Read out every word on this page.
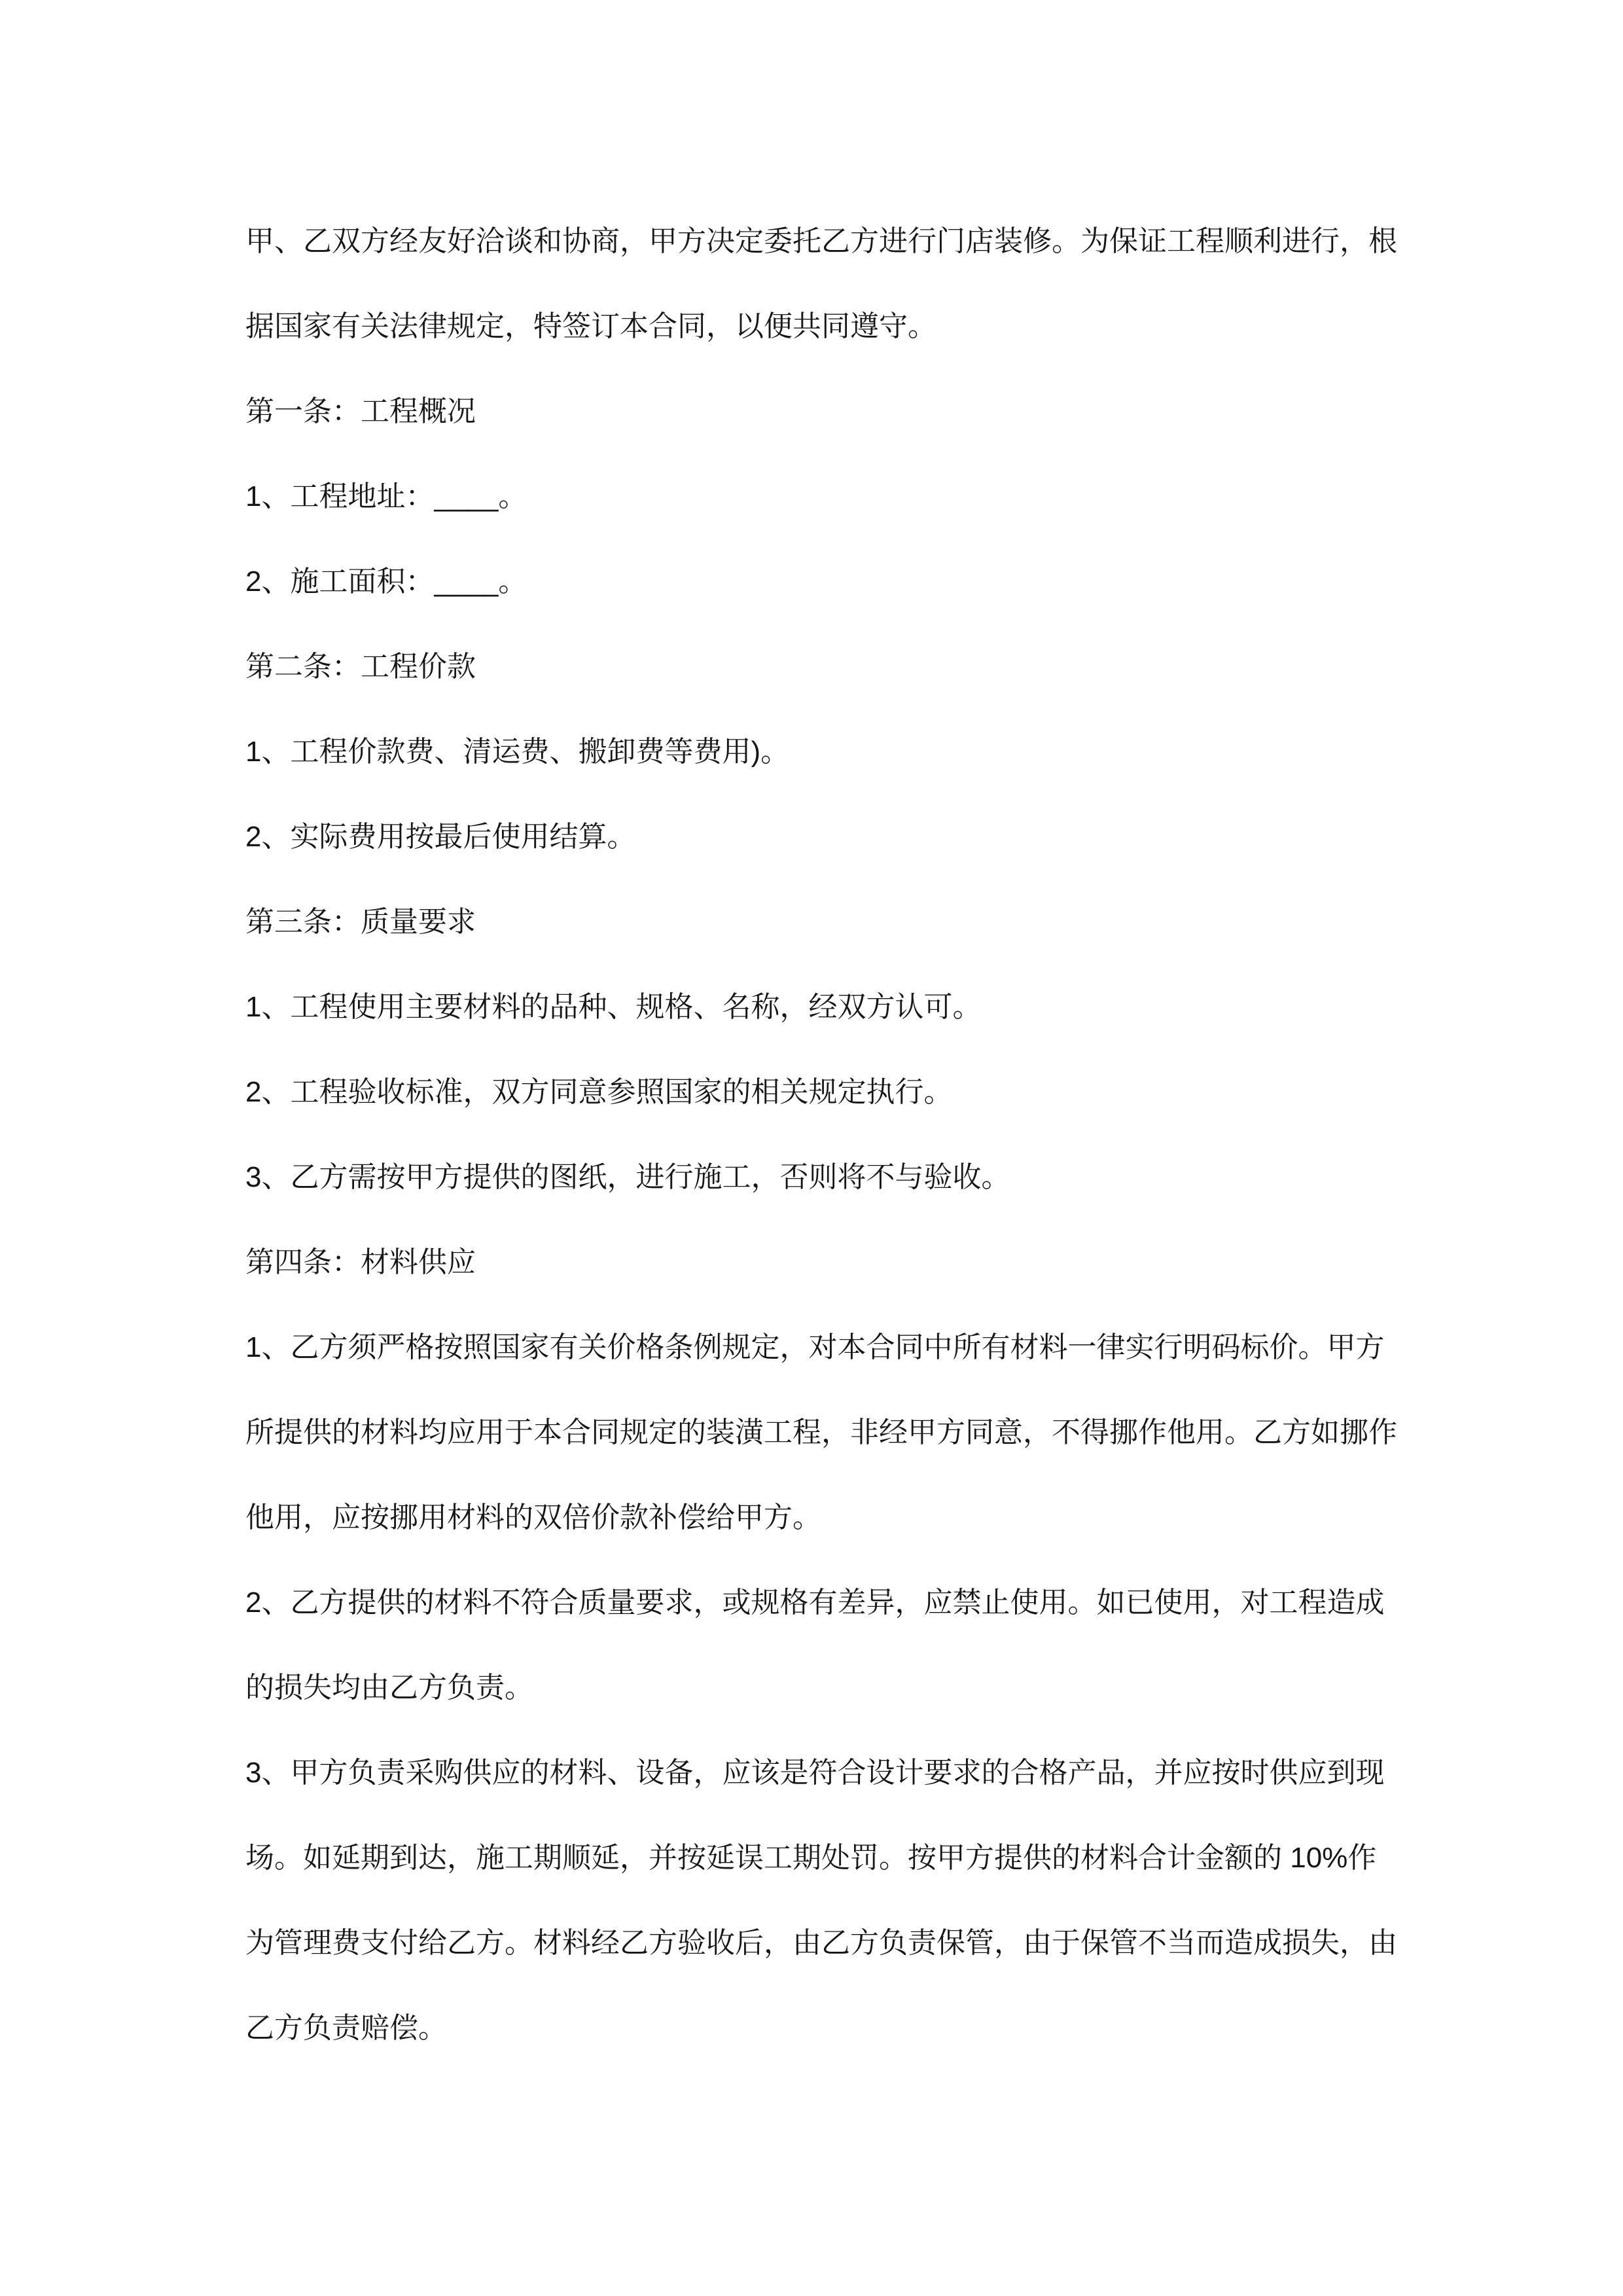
甲、乙双方经友好洽谈和协商，甲方决定委托乙方进行门店装修。为保证工程顺利进行，根
据国家有关法律规定，特签订本合同，以便共同遵守。
第一条：工程概况
1、工程地址：____。
2、施工面积：____。
第二条：工程价款
1、工程价款费、清运费、搬卸费等费用)。
2、实际费用按最后使用结算。
第三条：质量要求
1、工程使用主要材料的品种、规格、名称，经双方认可。
2、工程验收标准，双方同意参照国家的相关规定执行。
3、乙方需按甲方提供的图纸，进行施工，否则将不与验收。
第四条：材料供应
1、乙方须严格按照国家有关价格条例规定，对本合同中所有材料一律实行明码标价。甲方
所提供的材料均应用于本合同规定的装潢工程，非经甲方同意，不得挪作他用。乙方如挪作
他用，应按挪用材料的双倍价款补偿给甲方。
2、乙方提供的材料不符合质量要求，或规格有差异，应禁止使用。如已使用，对工程造成
的损失均由乙方负责。
3、甲方负责采购供应的材料、设备，应该是符合设计要求的合格产品，并应按时供应到现
场。如延期到达，施工期顺延，并按延误工期处罚。按甲方提供的材料合计金额的 10%作
为管理费支付给乙方。材料经乙方验收后，由乙方负责保管，由于保管不当而造成损失，由
乙方负责赔偿。
